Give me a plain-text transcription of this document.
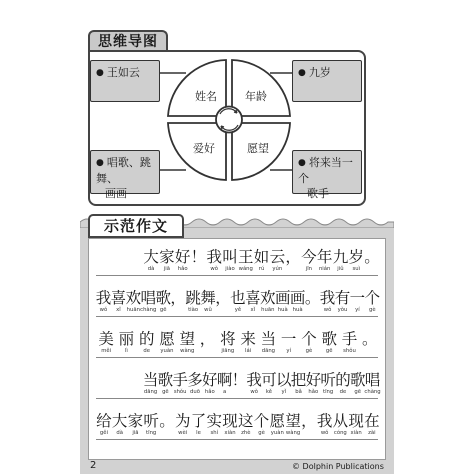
思维导图
姓名	年龄
爱好	愿望
● 王如云	● 九岁
● 唱歌、跳舞、
画画
● 将来当一个
歌手
示范作文
大
dà
家
jiā
好
hǎo
！ 我
wǒ
叫
jiào
王
wáng
如
rú
云
yún
， 今
jīn
年
nián
九
jiǔ
岁
suì
。
我
wǒ
喜
xǐ
欢
huān
唱
chàng
歌
gē
， 跳
tiào
舞
wǔ
， 也
yě
喜
xǐ
欢
huān
画
huà
画
huà
。 我
wǒ
有
yǒu
一
yí
个
gè
美
měi
丽
lì
的
de
愿
yuàn
望
wàng
， 将
jiāng
来
lái
当
dāng
一
yí
个
gè
歌
gē
手
shǒu
。
当
dāng
歌
gē
手
shǒu
多
duō
好
hǎo
啊
a
！ 我
wǒ
可
kě
以
yǐ
把
bǎ
好
hǎo
听
tīng
的
de
歌
gē
唱
chàng
给
gěi
大
dà
家
jiā
听
tīng
。 为
wèi
了
le
实
shí
现
xiàn
这
zhè
个
gè
愿
yuàn
望
wàng
， 我
wǒ
从
cóng
现
xiàn
在
zài
2	© Dolphin Publications
